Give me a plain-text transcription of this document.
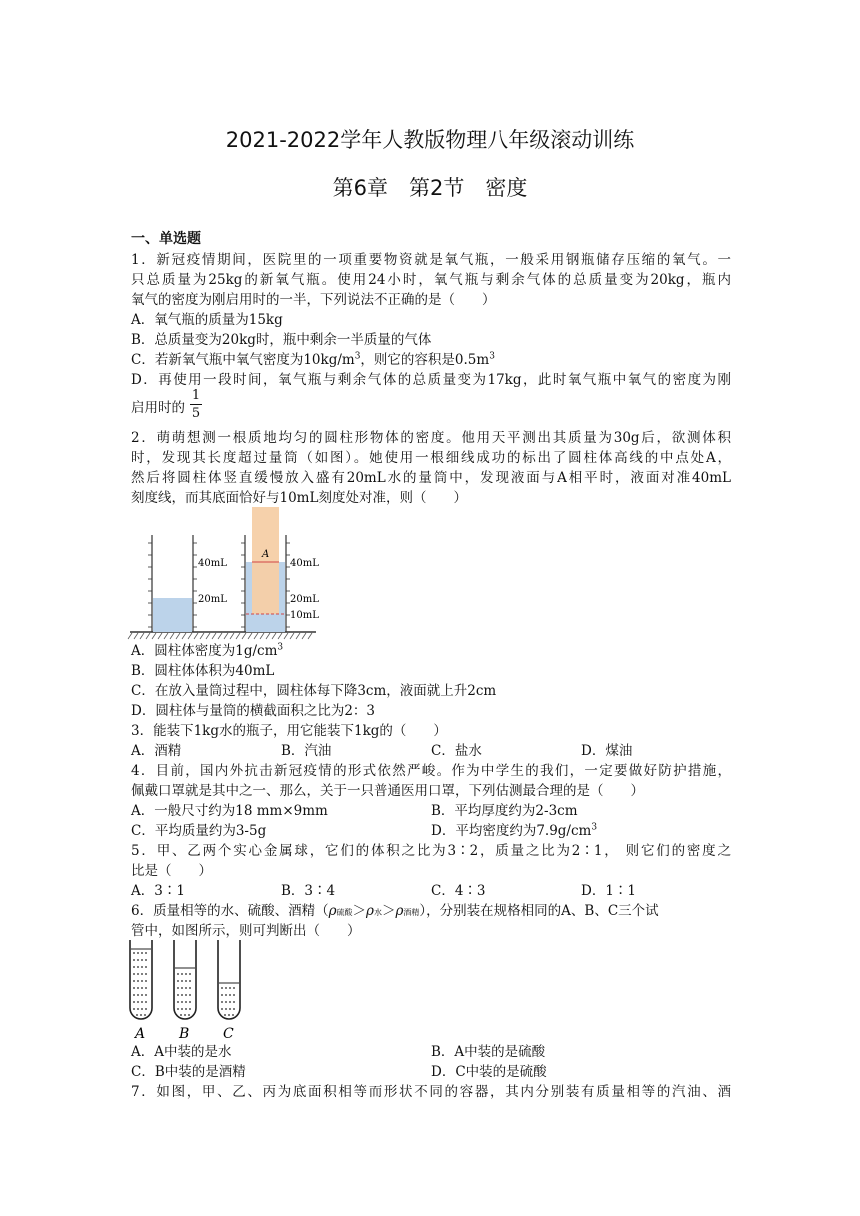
2021-2022学年人教版物理八年级滚动训练
第6章　第2节　密度
一、单选题
1．新冠疫情期间，医院里的一项重要物资就是氧气瓶，一般采用钢瓶储存压缩的氧气。一
只总质量为25kg的新氧气瓶。使用24小时，氧气瓶与剩余气体的总质量变为20kg，瓶内
氧气的密度为刚启用时的一半，下列说法不正确的是（　　）
A．氧气瓶的质量为15kg
B．总质量变为20kg时，瓶中剩余一半质量的气体
C．若新氧气瓶中氧气密度为$10kg/m^3$，则它的容积是$0.5m^3$
D．再使用一段时间，氧气瓶与剩余气体的总质量变为17kg，此时氧气瓶中氧气的密度为刚
启用时的
1
5
2．萌萌想测一根质地均匀的圆柱形物体的密度。他用天平测出其质量为30g后，欲测体积
时，发现其长度超过量筒（如图）。她使用一根细线成功的标出了圆柱体高线的中点处A，
然后将圆柱体竖直缓慢放入盛有20mL水的量筒中，发现液面与A相平时，液面对准40mL
刻度线，而其底面恰好与10mL刻度处对准，则（　　）
40mL
20mL
A
40mL
20mL
10mL
A．圆柱体密度为$1g/cm^3$
B．圆柱体体积为40mL
C．在放入量筒过程中，圆柱体每下降3cm，液面就上升2cm
D．圆柱体与量筒的横截面积之比为2：3
3．能装下1kg水的瓶子，用它能装下1kg的（　　）
A．酒精	B．汽油	C．盐水	D．煤油
4．目前，国内外抗击新冠疫情的形式依然严峻。作为中学生的我们，一定要做好防护措施，
佩戴口罩就是其中之一、那么，关于一只普通医用口罩，下列估测最合理的是（　　）
A．一般尺寸约为18 mm×9mm	B．平均厚度约为2-3cm
C．平均质量约为3-5g	D．平均密度约为$7.9g/cm^3$
5．甲、乙两个实心金属球，它们的体积之比为3∶2，质量之比为2∶1， 则它们的密度之
比是（　　）
A．3∶1	B．3∶4	C．4∶3	D．1∶1
6．质量相等的水、硫酸、酒精（ρ硫酸＞ρ水＞ρ酒精），分别装在规格相同的A、B、C三个试
管中，如图所示，则可判断出（　　）
A B C
A．A中装的是水	B．A中装的是硫酸
C．B中装的是酒精	D．C中装的是硫酸
7．如图，甲、乙、丙为底面积相等而形状不同的容器，其内分别装有质量相等的汽油、酒
